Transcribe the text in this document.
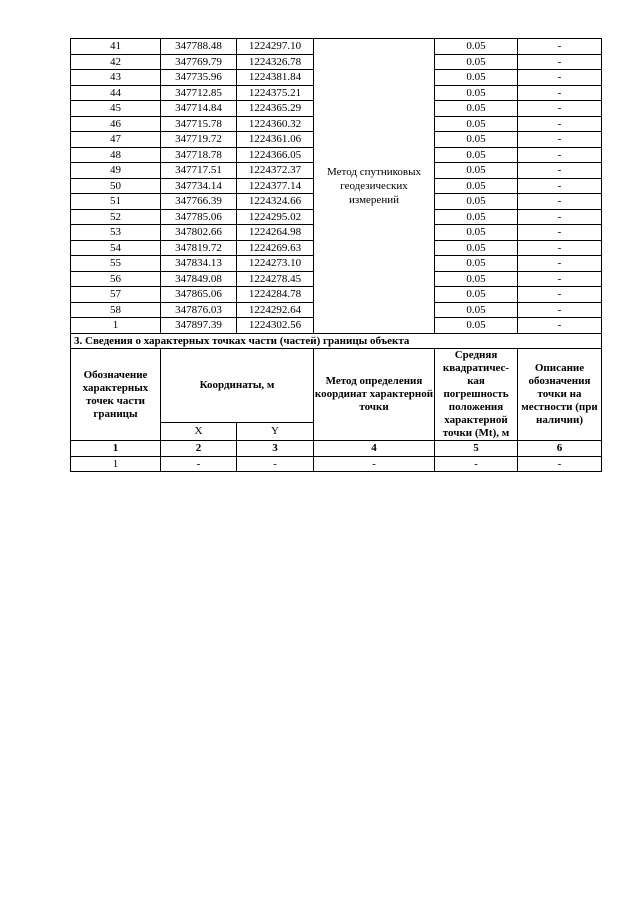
41	347788.48	1224297.10	Метод спутниковых геодезических измерений	0.05	-
42	347769.79	1224326.78		0.05	-
43	347735.96	1224381.84		0.05	-
44	347712.85	1224375.21		0.05	-
45	347714.84	1224365.29		0.05	-
46	347715.78	1224360.32		0.05	-
47	347719.72	1224361.06		0.05	-
48	347718.78	1224366.05		0.05	-
49	347717.51	1224372.37		0.05	-
50	347734.14	1224377.14		0.05	-
51	347766.39	1224324.66		0.05	-
52	347785.06	1224295.02		0.05	-
53	347802.66	1224264.98		0.05	-
54	347819.72	1224269.63		0.05	-
55	347834.13	1224273.10		0.05	-
56	347849.08	1224278.45		0.05	-
57	347865.06	1224284.78		0.05	-
58	347876.03	1224292.64		0.05	-
1	347897.39	1224302.56		0.05	-
3. Сведения о характерных точках части (частей) границы объекта					
Обозначение характерных точек части границы	Координаты, м		Метод определения координат характерной точки	Средняя квадратичес-кая погрешность положения характерной точки (Mt), м	Описание обозначения точки на местности (при наличии)
	X	Y			
1	2	3	4	5	6
1	-	-	-	-	-
